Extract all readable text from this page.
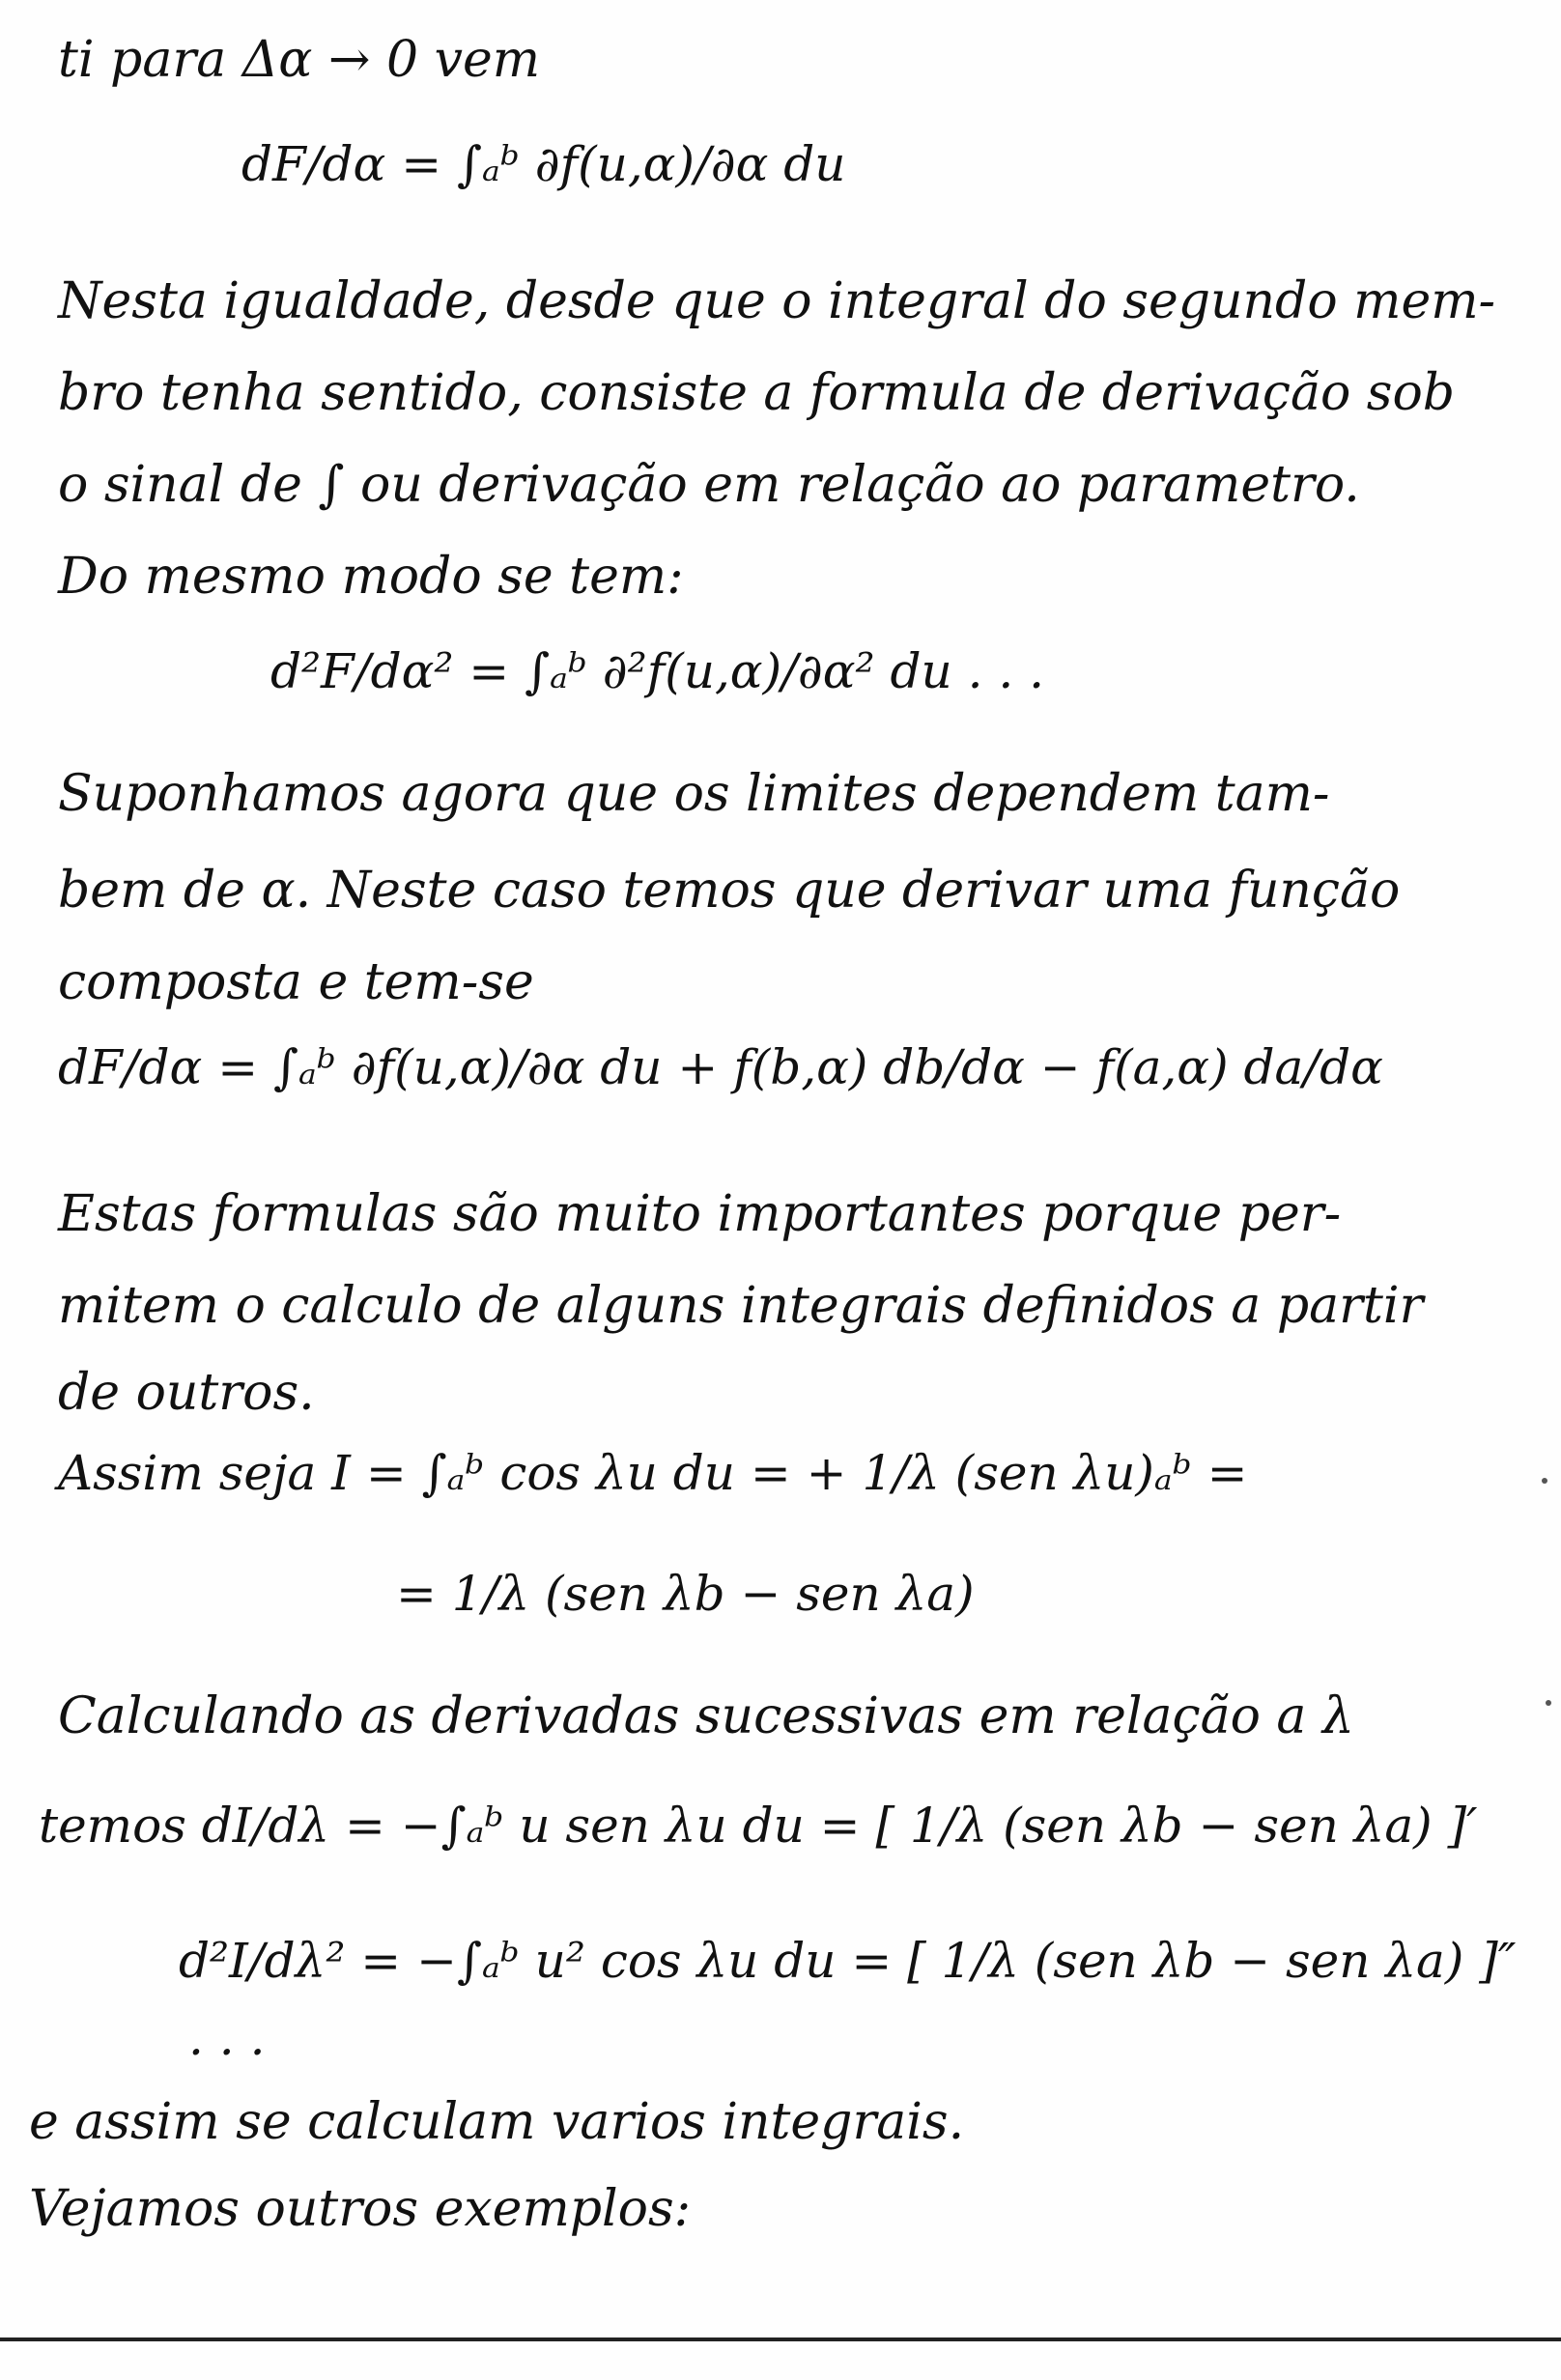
ti para Δα → 0 vem
dF/dα = ∫ₐᵇ ∂f(u,α)/∂α du
Nesta igualdade, desde que o integral do segundo mem-
bro tenha sentido, consiste a formula de derivação sob
o sinal de ∫ ou derivação em relação ao parametro.
Do mesmo modo se tem:
d²F/dα² = ∫ₐᵇ ∂²f(u,α)/∂α² du . . .
Suponhamos agora que os limites dependem tam-
bem de α. Neste caso temos que derivar uma função
composta e tem-se
dF/dα = ∫ₐᵇ ∂f(u,α)/∂α du + f(b,α) db/dα − f(a,α) da/dα
Estas formulas são muito importantes porque per-
mitem o calculo de alguns integrais definidos a partir
de outros.
Assim seja I = ∫ₐᵇ cos λu du = + 1/λ (sen λu)ₐᵇ =
= 1/λ (sen λb − sen λa)
Calculando as derivadas sucessivas em relação a λ
temos dI/dλ = −∫ₐᵇ u sen λu du = [ 1/λ (sen λb − sen λa) ]′
d²I/dλ² = −∫ₐᵇ u² cos λu du = [ 1/λ (sen λb − sen λa) ]″
. . .
e assim se calculam varios integrais.
Vejamos outros exemplos:
